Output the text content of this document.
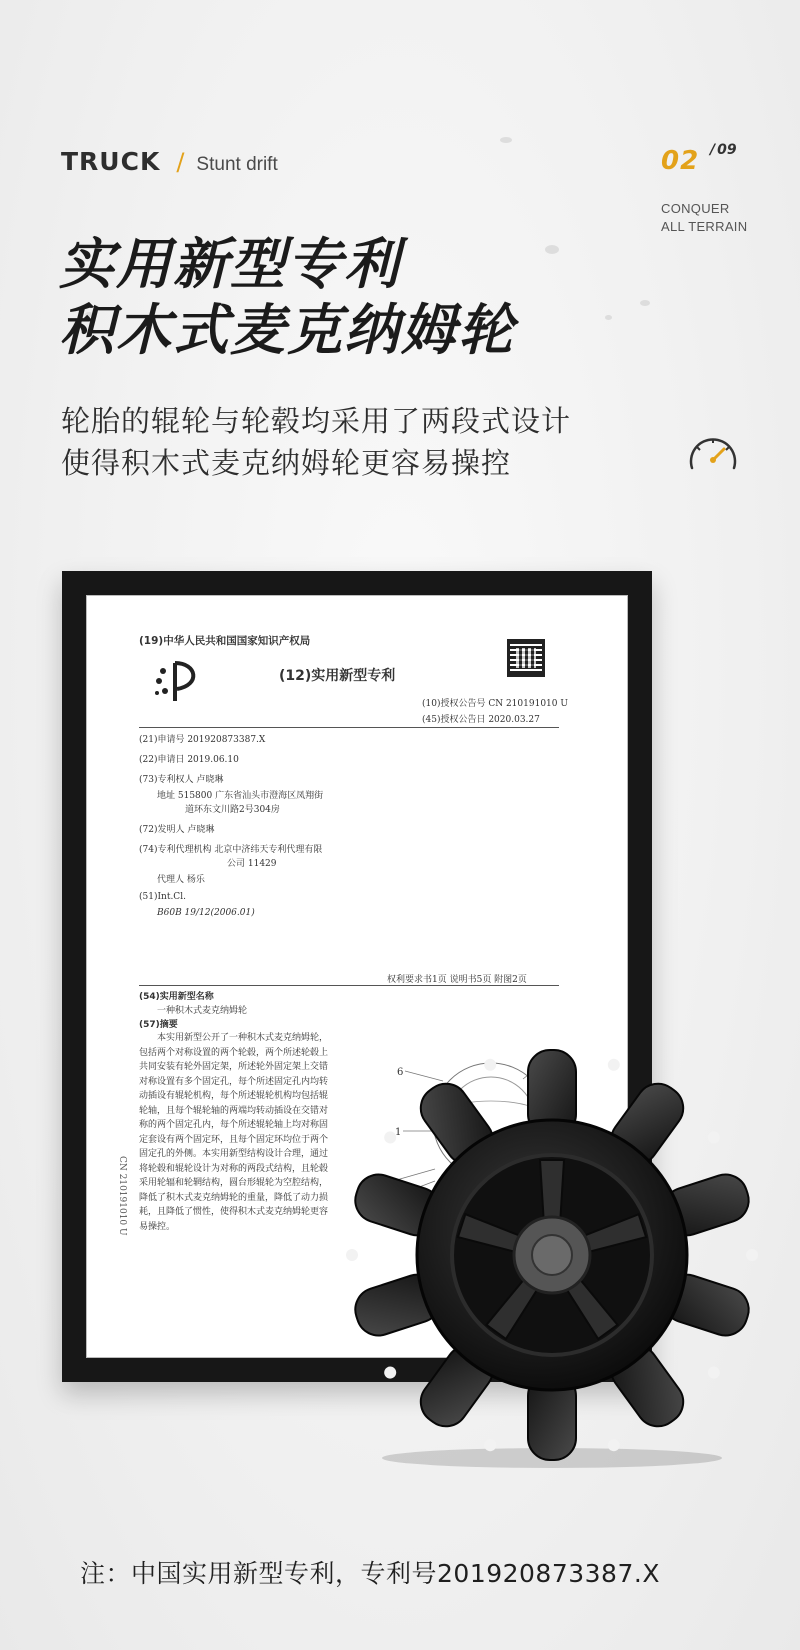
TRUCK / Stunt drift	02
/	09
CONQUER
ALL TERRAIN
实用新型专利
积木式麦克纳姆轮
轮胎的辊轮与轮毂均采用了两段式设计
使得积木式麦克纳姆轮更容易操控
(19)中华人民共和国国家知识产权局
(12)实用新型专利
(10)授权公告号 CN 210191010 U
(45)授权公告日 2020.03.27
(21)申请号 201920873387.X
(22)申请日 2019.06.10
(73)专利权人 卢晓琳
地址 515800 广东省汕头市澄海区凤翔街
道环东文川路2号304房
(72)发明人 卢晓琳
(74)专利代理机构 北京中济纬天专利代理有限
公司 11429
代理人 杨乐
(51)Int.Cl.
B60B 19/12(2006.01)
权利要求书1页 说明书5页 附图2页
(54)实用新型名称
一种积木式麦克纳姆轮
(57)摘要
本实用新型公开了一种积木式麦克纳姆轮，
包括两个对称设置的两个轮毂，两个所述轮毂上
共同安装有轮外固定架，所述轮外固定架上交错
对称设置有多个固定孔，每个所述固定孔内均转
动插设有辊轮机构，每个所述辊轮机构均包括辊
轮轴，且每个辊轮轴的两端均转动插设在交错对
称的两个固定孔内，每个所述辊轮轴上均对称固
定套设有两个固定环，且每个固定环均位于两个
固定孔的外侧。本实用新型结构设计合理，通过
将轮毂和辊轮设计为对称的两段式结构，且轮毂
采用轮辐和轮辋结构，圆台形辊轮为空腔结构，
降低了积木式麦克纳姆轮的重量，降低了动力损
耗，且降低了惯性，使得积木式麦克纳姆轮更容
易操控。
CN 210191010 U
6
1
注：中国实用新型专利，专利号201920873387.X
